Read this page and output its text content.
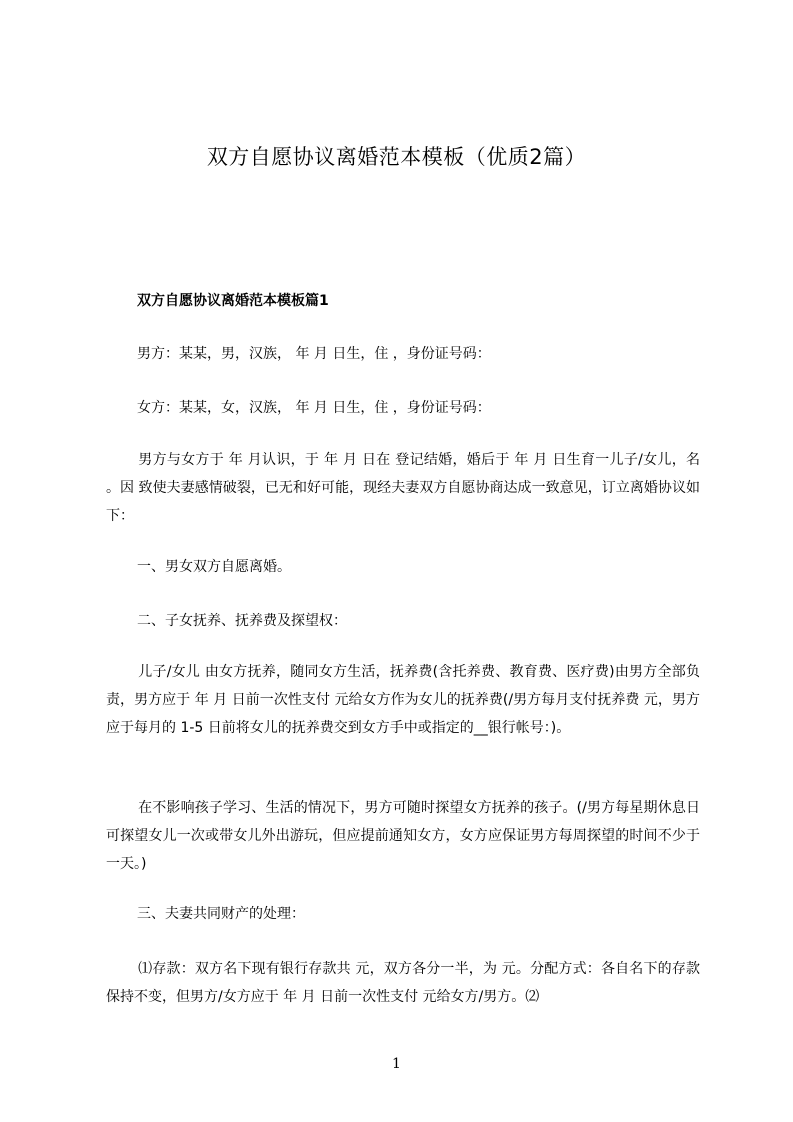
双方自愿协议离婚范本模板（优质2篇）
双方自愿协议离婚范本模板篇1
男方：某某，男，汉族， 年 月 日生，住 ，身份证号码：
女方：某某，女，汉族， 年 月 日生，住 ，身份证号码：
男方与女方于 年 月认识，于 年 月 日在 登记结婚，婚后于 年 月 日生育一儿子/女儿，名 。因 致使夫妻感情破裂，已无和好可能，现经夫妻双方自愿协商达成一致意见，订立离婚协议如下：
一、男女双方自愿离婚。
二、子女抚养、抚养费及探望权：
儿子/女儿 由女方抚养，随同女方生活，抚养费(含托养费、教育费、医疗费)由男方全部负责，男方应于 年 月 日前一次性支付 元给女方作为女儿的抚养费(/男方每月支付抚养费 元，男方应于每月的 1-5 日前将女儿的抚养费交到女方手中或指定的__银行帐号：)。
在不影响孩子学习、生活的情况下，男方可随时探望女方抚养的孩子。(/男方每星期休息日可探望女儿一次或带女儿外出游玩，但应提前通知女方，女方应保证男方每周探望的时间不少于一天。)
三、夫妻共同财产的处理：
⑴存款：双方名下现有银行存款共 元，双方各分一半，为 元。分配方式：各自名下的存款保持不变，但男方/女方应于 年 月 日前一次性支付 元给女方/男方。⑵
1
